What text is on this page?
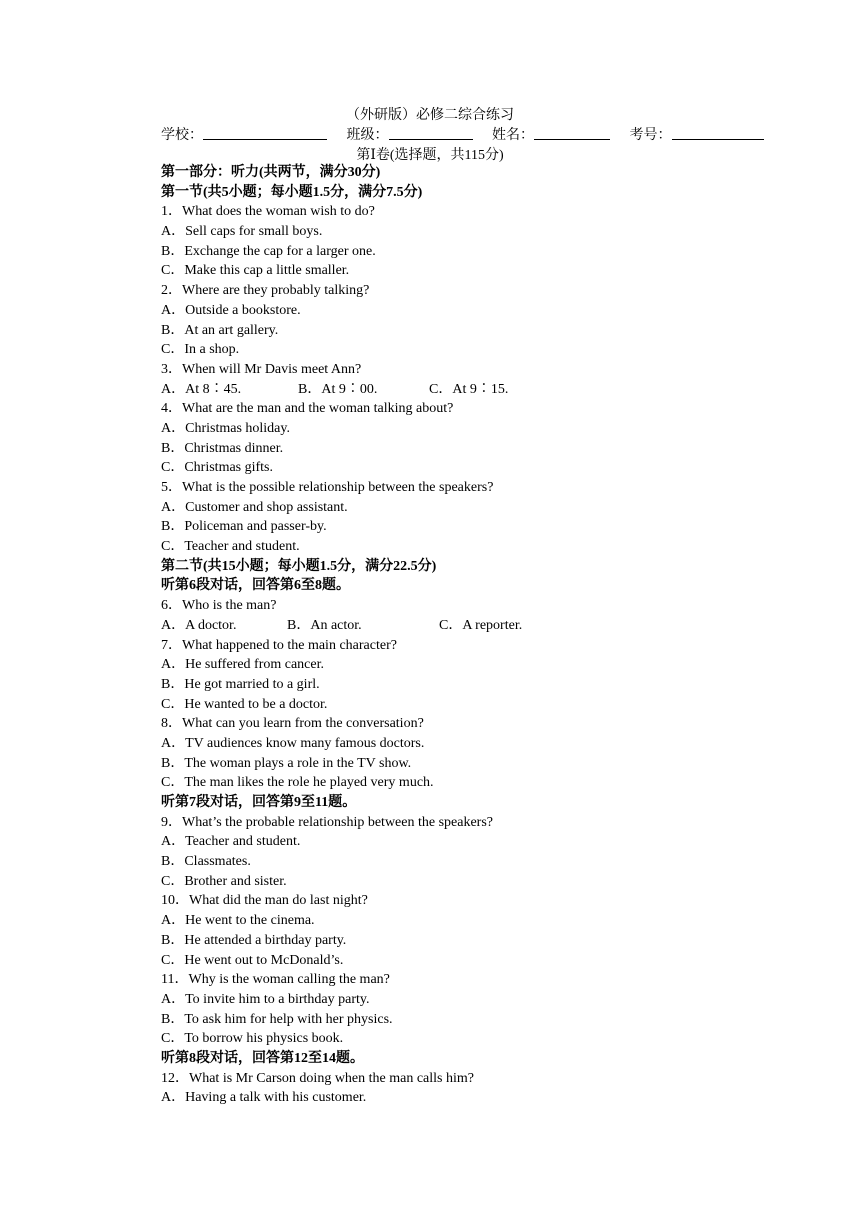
（外研版）必修二综合练习
学校：	班级：	姓名：	考号：
第Ⅰ卷(选择题，共115分)
第一部分：听力(共两节，满分30分)
第一节(共5小题；每小题1.5分，满分7.5分)
1．What does the woman wish to do?
A．Sell caps for small boys.
B．Exchange the cap for a larger one.
C．Make this cap a little smaller.
2．Where are they probably talking?
A．Outside a bookstore.
B．At an art gallery.
C．In a shop.
3．When will Mr Davis meet Ann?
A．At 8∶45.	B．At 9∶00.	C．At 9∶15.
4．What are the man and the woman talking about?
A．Christmas holiday.
B．Christmas dinner.
C．Christmas gifts.
5．What is the possible relationship between the speakers?
A．Customer and shop assistant.
B．Policeman and passer-by.
C．Teacher and student.
第二节(共15小题；每小题1.5分，满分22.5分)
听第6段对话，回答第6至8题。
6．Who is the man?
A．A doctor.	B．An actor.	C．A reporter.
7．What happened to the main character?
A．He suffered from cancer.
B．He got married to a girl.
C．He wanted to be a doctor.
8．What can you learn from the conversation?
A．TV audiences know many famous doctors.
B．The woman plays a role in the TV show.
C．The man likes the role he played very much.
听第7段对话，回答第9至11题。
9．What’s the probable relationship between the speakers?
A．Teacher and student.
B．Classmates.
C．Brother and sister.
10．What did the man do last night?
A．He went to the cinema.
B．He attended a birthday party.
C．He went out to McDonald’s.
11．Why is the woman calling the man?
A．To invite him to a birthday party.
B．To ask him for help with her physics.
C．To borrow his physics book.
听第8段对话，回答第12至14题。
12．What is Mr Carson doing when the man calls him?
A．Having a talk with his customer.
